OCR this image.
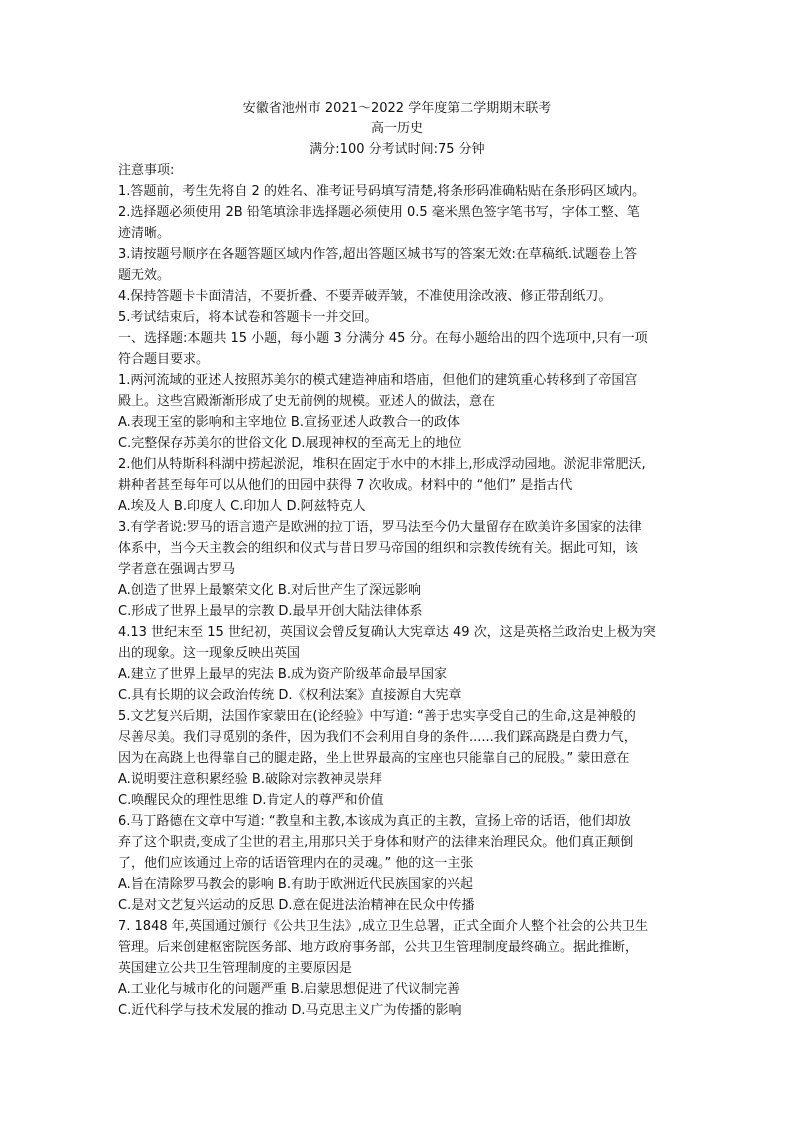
安徽省池州市 2021～2022 学年度第二学期期末联考
高一历史
满分:100 分考试时间:75 分钟
注意事项:
1.答题前，考生先将自 2 的姓名、准考证号码填写清楚,将条形码准确粘贴在条形码区域内。
2.选择题必须使用 2B 铅笔填涂非选择题必须使用 0.5 毫米黑色签字笔书写，字体工整、笔
迹清晰。
3.请按题号顺序在各题答题区域内作答,超出答题区城书写的答案无效:在草稿纸.试题卷上答
题无效。
4.保持答题卡卡面清洁，不要折叠、不要弄破弄皱，不准使用涂改液、修正带刮纸刀。
5.考试结束后，将本试卷和答题卡一并交回。
一、选择题:本题共 15 小题，每小题 3 分满分 45 分。在每小题给出的四个选项中,只有一项
符合题目要求。
1.两河流域的亚述人按照苏美尔的模式建造神庙和塔庙，但他们的建筑重心转移到了帝国宫
殿上。这些宫殿渐渐形成了史无前例的规模。亚述人的做法，意在
A.表现王室的影响和主宰地位 B.宣扬亚述人政教合一的政体
C.完整保存苏美尔的世俗文化 D.展现神权的至高无上的地位
2.他们从特斯科科湖中捞起淤泥，堆积在固定于水中的木排上,形成浮动园地。淤泥非常肥沃,
耕种者甚至每年可以从他们的田园中获得 7 次收成。材料中的 “他们” 是指古代
A.埃及人 B.印度人 C.印加人 D.阿兹特克人
3.有学者说:罗马的语言遗产是欧洲的拉丁语，罗马法至今仍大量留存在欧美许多国家的法律
体系中，当今天主教会的组织和仪式与昔日罗马帝国的组织和宗教传统有关。据此可知，该
学者意在强调古罗马
A.创造了世界上最繁荣文化 B.对后世产生了深远影响
C.形成了世界上最早的宗教 D.最早开创大陆法律体系
4.13 世纪末至 15 世纪初，英国议会曾反复确认大宪章达 49 次，这是英格兰政治史上极为突
出的现象。这一现象反映出英国
A.建立了世界上最早的宪法 B.成为资产阶级革命最早国家
C.具有长期的议会政治传统 D.《权利法案》直接源自大宪章
5.文艺复兴后期，法国作家蒙田在(论经验》中写道: “善于忠实享受自己的生命,这是神般的
尽善尽美。我们寻觅别的条件，因为我们不会利用自身的条件......我们踩高跷是白费力气，
因为在高跷上也得靠自己的腿走路，坐上世界最高的宝座也只能靠自己的屁股。” 蒙田意在
A.说明要注意积累经验 B.破除对宗教神灵崇拜
C.唤醒民众的理性思维 D.肯定人的尊严和价值
6.马丁路德在文章中写道: “教皇和主教,本该成为真正的主教，宣扬上帝的话语，他们却放
弃了这个职责,变成了尘世的君主,用那只关于身体和财产的法律来治理民众。他们真正颠倒
了，他们应该通过上帝的话语管理内在的灵魂。” 他的这一主张
A.旨在清除罗马教会的影响 B.有助于欧洲近代民族国家的兴起
C.是对文艺复兴运动的反思 D.意在促进法治精神在民众中传播
7. 1848 年,英国通过颁行《公共卫生法》,成立卫生总署，正式全面介人整个社会的公共卫生
管理。后来创建枢密院医务部、地方政府事务部，公共卫生管理制度最终确立。据此推断，
英国建立公共卫生管理制度的主要原因是
A.工业化与城市化的问题严重 B.启蒙思想促进了代议制完善
C.近代科学与技术发展的推动 D.马克思主义广为传播的影响
